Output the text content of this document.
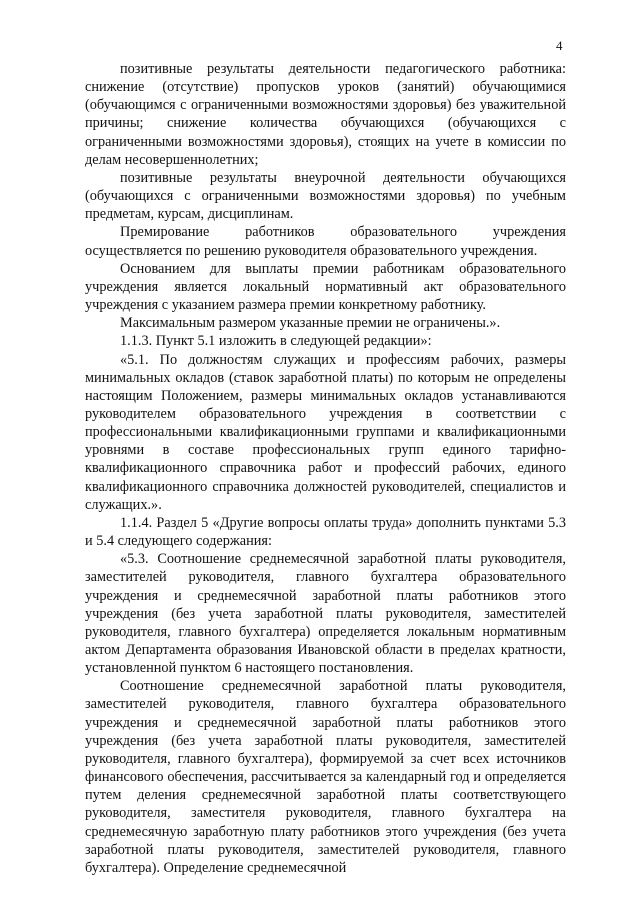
4

позитивные результаты деятельности педагогического работника: снижение (отсутствие) пропусков уроков (занятий) обучающимися (обучающимся с ограниченными возможностями здоровья) без уважительной причины; снижение количества обучающихся (обучающихся с ограниченными возможностями здоровья), стоящих на учете в комиссии по делам несовершеннолетних;

позитивные результаты внеурочной деятельности обучающихся (обучающихся с ограниченными возможностями здоровья) по учебным предметам, курсам, дисциплинам.

Премирование работников образовательного учреждения осуществляется по решению руководителя образовательного учреждения.

Основанием для выплаты премии работникам образовательного учреждения является локальный нормативный акт образовательного учреждения с указанием размера премии конкретному работнику.

Максимальным размером указанные премии не ограничены.».

1.1.3. Пункт 5.1 изложить в следующей редакции»:

«5.1. По должностям служащих и профессиям рабочих, размеры минимальных окладов (ставок заработной платы) по которым не определены настоящим Положением, размеры минимальных окладов устанавливаются руководителем образовательного учреждения в соответствии с профессиональными квалификационными группами и квалификационными уровнями в составе профессиональных групп единого тарифно-квалификационного справочника работ и профессий рабочих, единого квалификационного справочника должностей руководителей, специалистов и служащих.».

1.1.4. Раздел 5 «Другие вопросы оплаты труда» дополнить пунктами 5.3 и 5.4 следующего содержания:

«5.3. Соотношение среднемесячной заработной платы руководителя, заместителей руководителя, главного бухгалтера образовательного учреждения и среднемесячной заработной платы работников этого учреждения (без учета заработной платы руководителя, заместителей руководителя, главного бухгалтера) определяется локальным нормативным актом Департамента образования Ивановской области в пределах кратности, установленной пунктом 6 настоящего постановления.

Соотношение среднемесячной заработной платы руководителя, заместителей руководителя, главного бухгалтера образовательного учреждения и среднемесячной заработной платы работников этого учреждения (без учета заработной платы руководителя, заместителей руководителя, главного бухгалтера), формируемой за счет всех источников финансового обеспечения, рассчитывается за календарный год и определяется путем деления среднемесячной заработной платы соответствующего руководителя, заместителя руководителя, главного бухгалтера на среднемесячную заработную плату работников этого учреждения (без учета заработной платы руководителя, заместителей руководителя, главного бухгалтера). Определение среднемесячной
